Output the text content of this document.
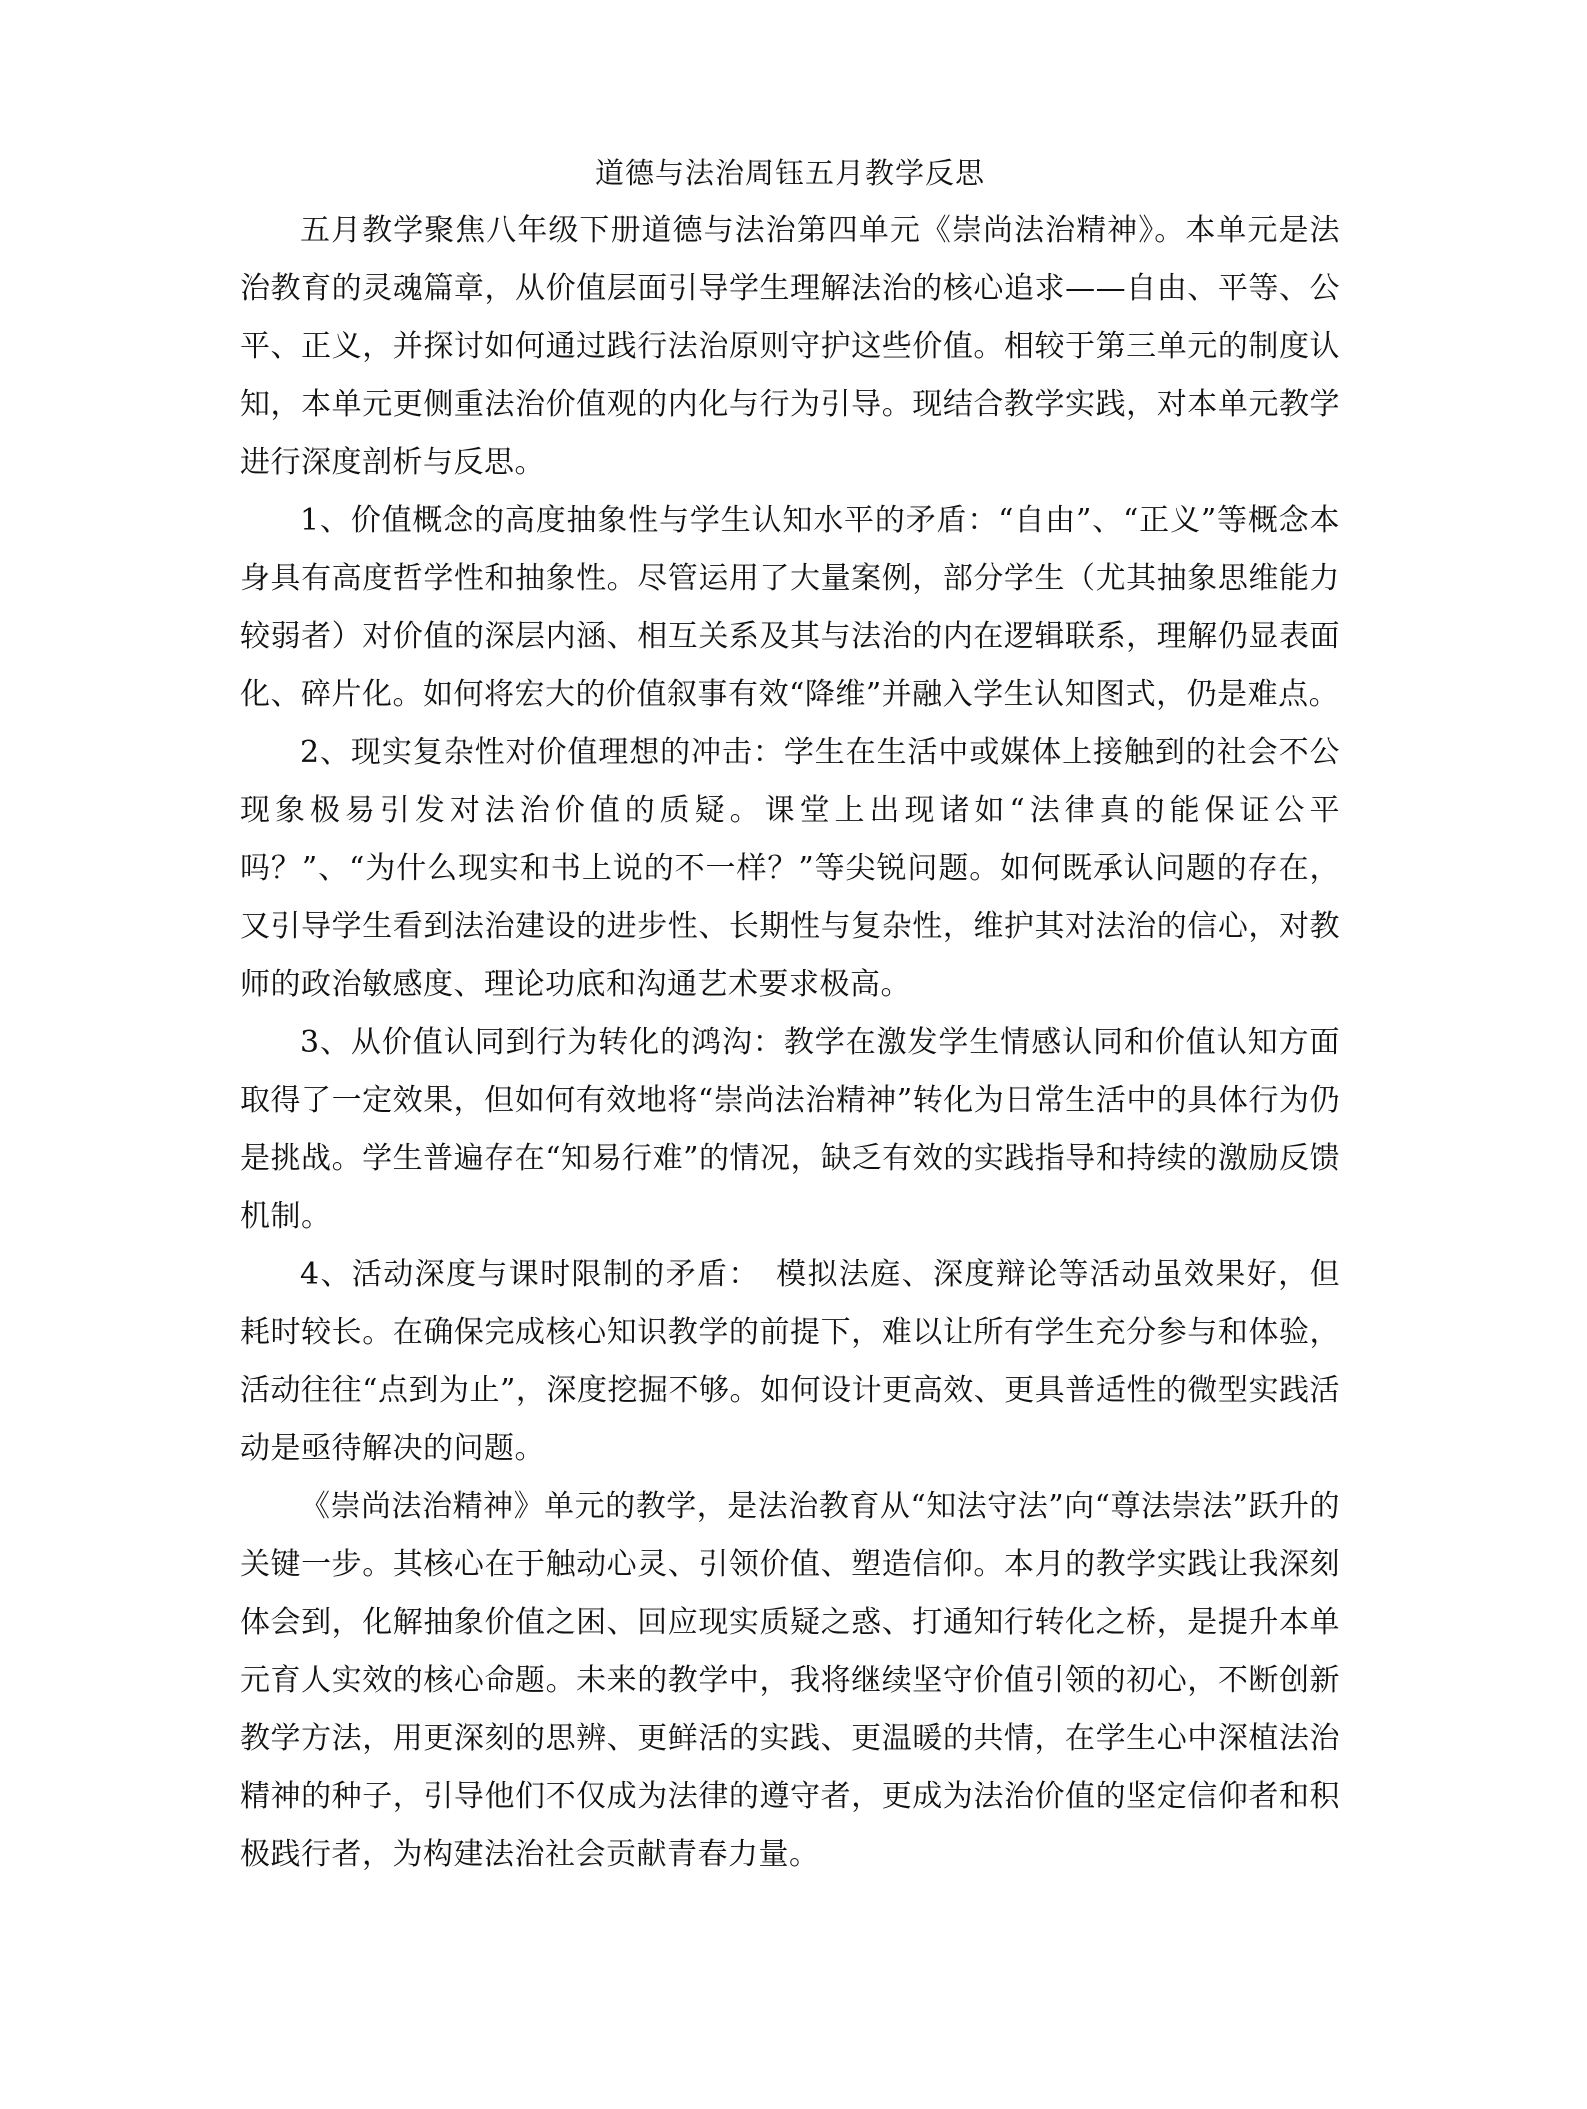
道德与法治周钰五月教学反思

五月教学聚焦八年级下册道德与法治第四单元《崇尚法治精神》。本单元是法治教育的灵魂篇章，从价值层面引导学生理解法治的核心追求——自由、平等、公平、正义，并探讨如何通过践行法治原则守护这些价值。相较于第三单元的制度认知，本单元更侧重法治价值观的内化与行为引导。现结合教学实践，对本单元教学进行深度剖析与反思。

1、价值概念的高度抽象性与学生认知水平的矛盾：“自由”、“正义”等概念本身具有高度哲学性和抽象性。尽管运用了大量案例，部分学生（尤其抽象思维能力较弱者）对价值的深层内涵、相互关系及其与法治的内在逻辑联系，理解仍显表面化、碎片化。如何将宏大的价值叙事有效“降维”并融入学生认知图式，仍是难点。

2、现实复杂性对价值理想的冲击：学生在生活中或媒体上接触到的社会不公现象极易引发对法治价值的质疑。课堂上出现诸如“法律真的能保证公平吗？”、“为什么现实和书上说的不一样？”等尖锐问题。如何既承认问题的存在，又引导学生看到法治建设的进步性、长期性与复杂性，维护其对法治的信心，对教师的政治敏感度、理论功底和沟通艺术要求极高。

3、从价值认同到行为转化的鸿沟：教学在激发学生情感认同和价值认知方面取得了一定效果，但如何有效地将“崇尚法治精神”转化为日常生活中的具体行为仍是挑战。学生普遍存在“知易行难”的情况，缺乏有效的实践指导和持续的激励反馈机制。

4、活动深度与课时限制的矛盾：　模拟法庭、深度辩论等活动虽效果好，但耗时较长。在确保完成核心知识教学的前提下，难以让所有学生充分参与和体验，活动往往“点到为止”，深度挖掘不够。如何设计更高效、更具普适性的微型实践活动是亟待解决的问题。

《崇尚法治精神》单元的教学，是法治教育从“知法守法”向“尊法崇法”跃升的关键一步。其核心在于触动心灵、引领价值、塑造信仰。本月的教学实践让我深刻体会到，化解抽象价值之困、回应现实质疑之惑、打通知行转化之桥，是提升本单元育人实效的核心命题。未来的教学中，我将继续坚守价值引领的初心，不断创新教学方法，用更深刻的思辨、更鲜活的实践、更温暖的共情，在学生心中深植法治精神的种子，引导他们不仅成为法律的遵守者，更成为法治价值的坚定信仰者和积极践行者，为构建法治社会贡献青春力量。
